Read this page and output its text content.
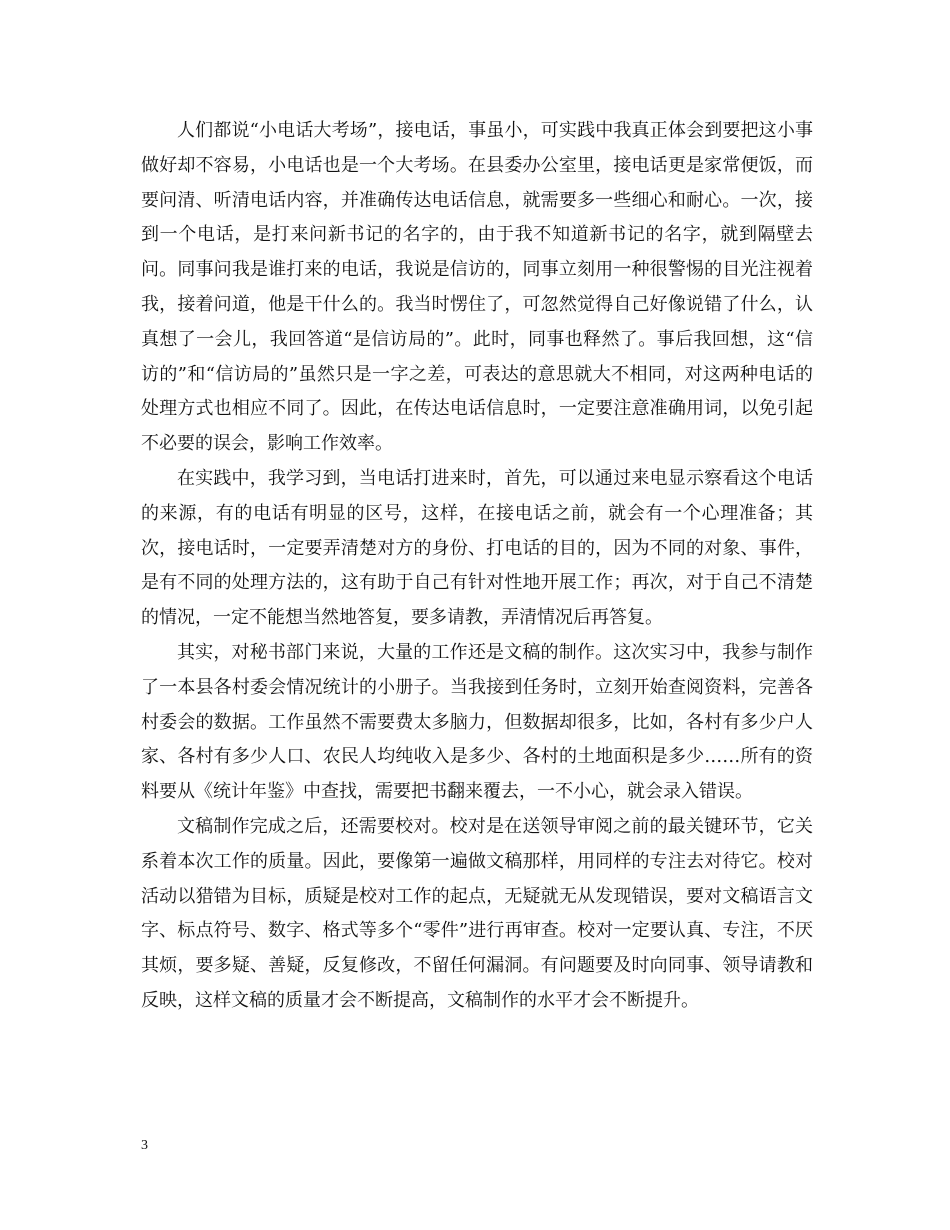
人们都说“小电话大考场”，接电话，事虽小，可实践中我真正体会到要把这小事做好却不容易，小电话也是一个大考场。在县委办公室里，接电话更是家常便饭，而要问清、听清电话内容，并准确传达电话信息，就需要多一些细心和耐心。一次，接到一个电话，是打来问新书记的名字的，由于我不知道新书记的名字，就到隔壁去问。同事问我是谁打来的电话，我说是信访的，同事立刻用一种很警惕的目光注视着我，接着问道，他是干什么的。我当时愣住了，可忽然觉得自己好像说错了什么，认真想了一会儿，我回答道“是信访局的”。此时，同事也释然了。事后我回想，这“信访的”和“信访局的”虽然只是一字之差，可表达的意思就大不相同，对这两种电话的处理方式也相应不同了。因此，在传达电话信息时，一定要注意准确用词，以免引起不必要的误会，影响工作效率。

在实践中，我学习到，当电话打进来时，首先，可以通过来电显示察看这个电话的来源，有的电话有明显的区号，这样，在接电话之前，就会有一个心理准备；其次，接电话时，一定要弄清楚对方的身份、打电话的目的，因为不同的对象、事件，是有不同的处理方法的，这有助于自己有针对性地开展工作；再次，对于自己不清楚的情况，一定不能想当然地答复，要多请教，弄清情况后再答复。

其实，对秘书部门来说，大量的工作还是文稿的制作。这次实习中，我参与制作了一本县各村委会情况统计的小册子。当我接到任务时，立刻开始查阅资料，完善各村委会的数据。工作虽然不需要费太多脑力，但数据却很多，比如，各村有多少户人家、各村有多少人口、农民人均纯收入是多少、各村的土地面积是多少……所有的资料要从《统计年鉴》中查找，需要把书翻来覆去，一不小心，就会录入错误。

文稿制作完成之后，还需要校对。校对是在送领导审阅之前的最关键环节，它关系着本次工作的质量。因此，要像第一遍做文稿那样，用同样的专注去对待它。校对活动以猎错为目标，质疑是校对工作的起点，无疑就无从发现错误，要对文稿语言文字、标点符号、数字、格式等多个“零件”进行再审查。校对一定要认真、专注，不厌其烦，要多疑、善疑，反复修改，不留任何漏洞。有问题要及时向同事、领导请教和反映，这样文稿的质量才会不断提高，文稿制作的水平才会不断提升。

3
